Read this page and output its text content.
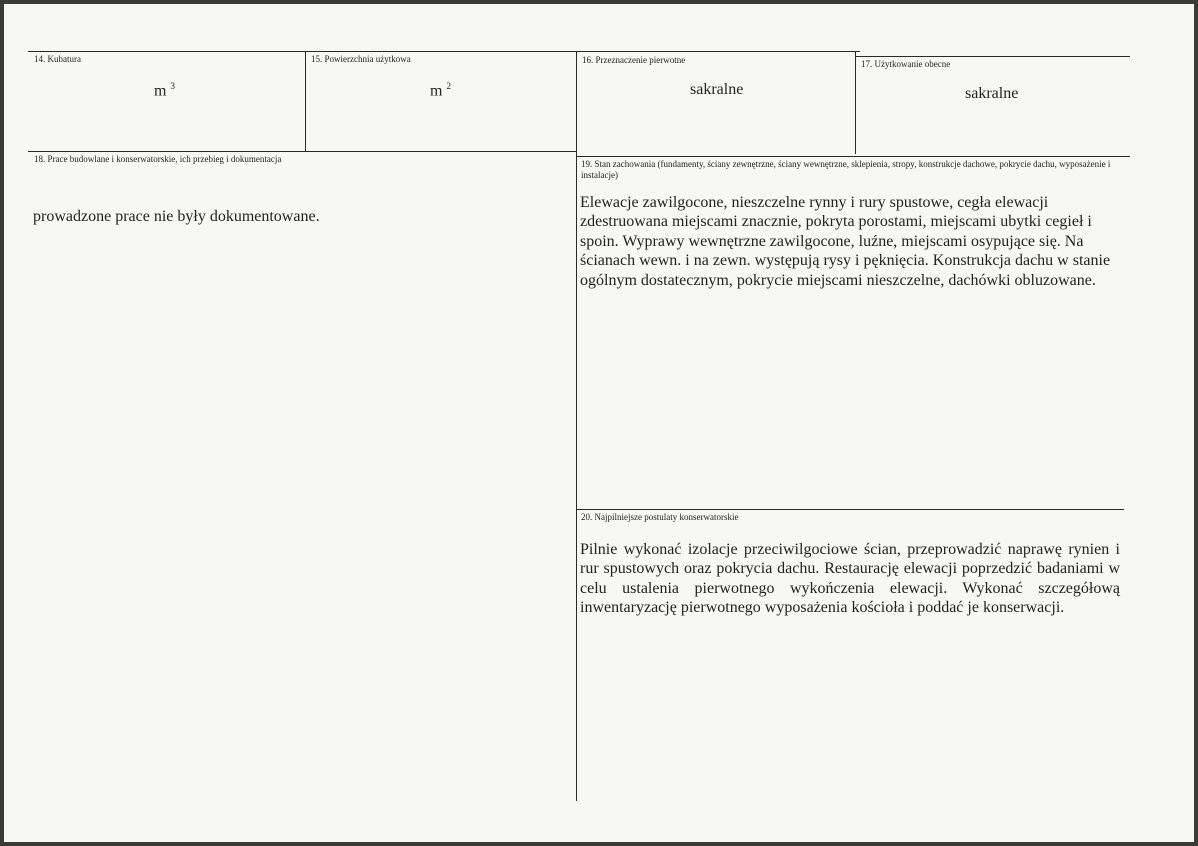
14. Kubatura
m $^3$
15. Powierzchnia użytkowa
m $^2$
16. Przeznaczenie pierwotne
sakralne
17. Użytkowanie obecne
sakralne
18. Prace budowlane i konserwatorskie, ich przebieg i dokumentacja
prowadzone prace nie były dokumentowane.
19. Stan zachowania (fundamenty, ściany zewnętrzne, ściany wewnętrzne, sklepienia, stropy, konstrukcje dachowe, pokrycie dachu, wyposażenie i instalacje)
Elewacje zawilgocone, nieszczelne rynny i rury spustowe, cegła elewacji zdestruowana miejscami znacznie, pokryta porostami, miejscami ubytki cegieł i spoin. Wyprawy wewnętrzne zawilgocone, luźne, miejscami osypujące się. Na ścianach wewn. i na zewn. występują rysy i pęknięcia. Konstrukcja dachu w stanie ogólnym dostatecznym, pokrycie miejscami nieszczelne, dachówki obluzowane.
20. Najpilniejsze postulaty konserwatorskie
Pilnie wykonać izolacje przeciwilgociowe ścian, przeprowadzić naprawę rynien i rur spustowych oraz pokrycia dachu. Restaurację elewacji poprzedzić badaniami w celu ustalenia pierwotnego wykończenia elewacji. Wykonać szczegółową inwentaryzację pierwotnego wyposażenia kościoła i poddać je konserwacji.
